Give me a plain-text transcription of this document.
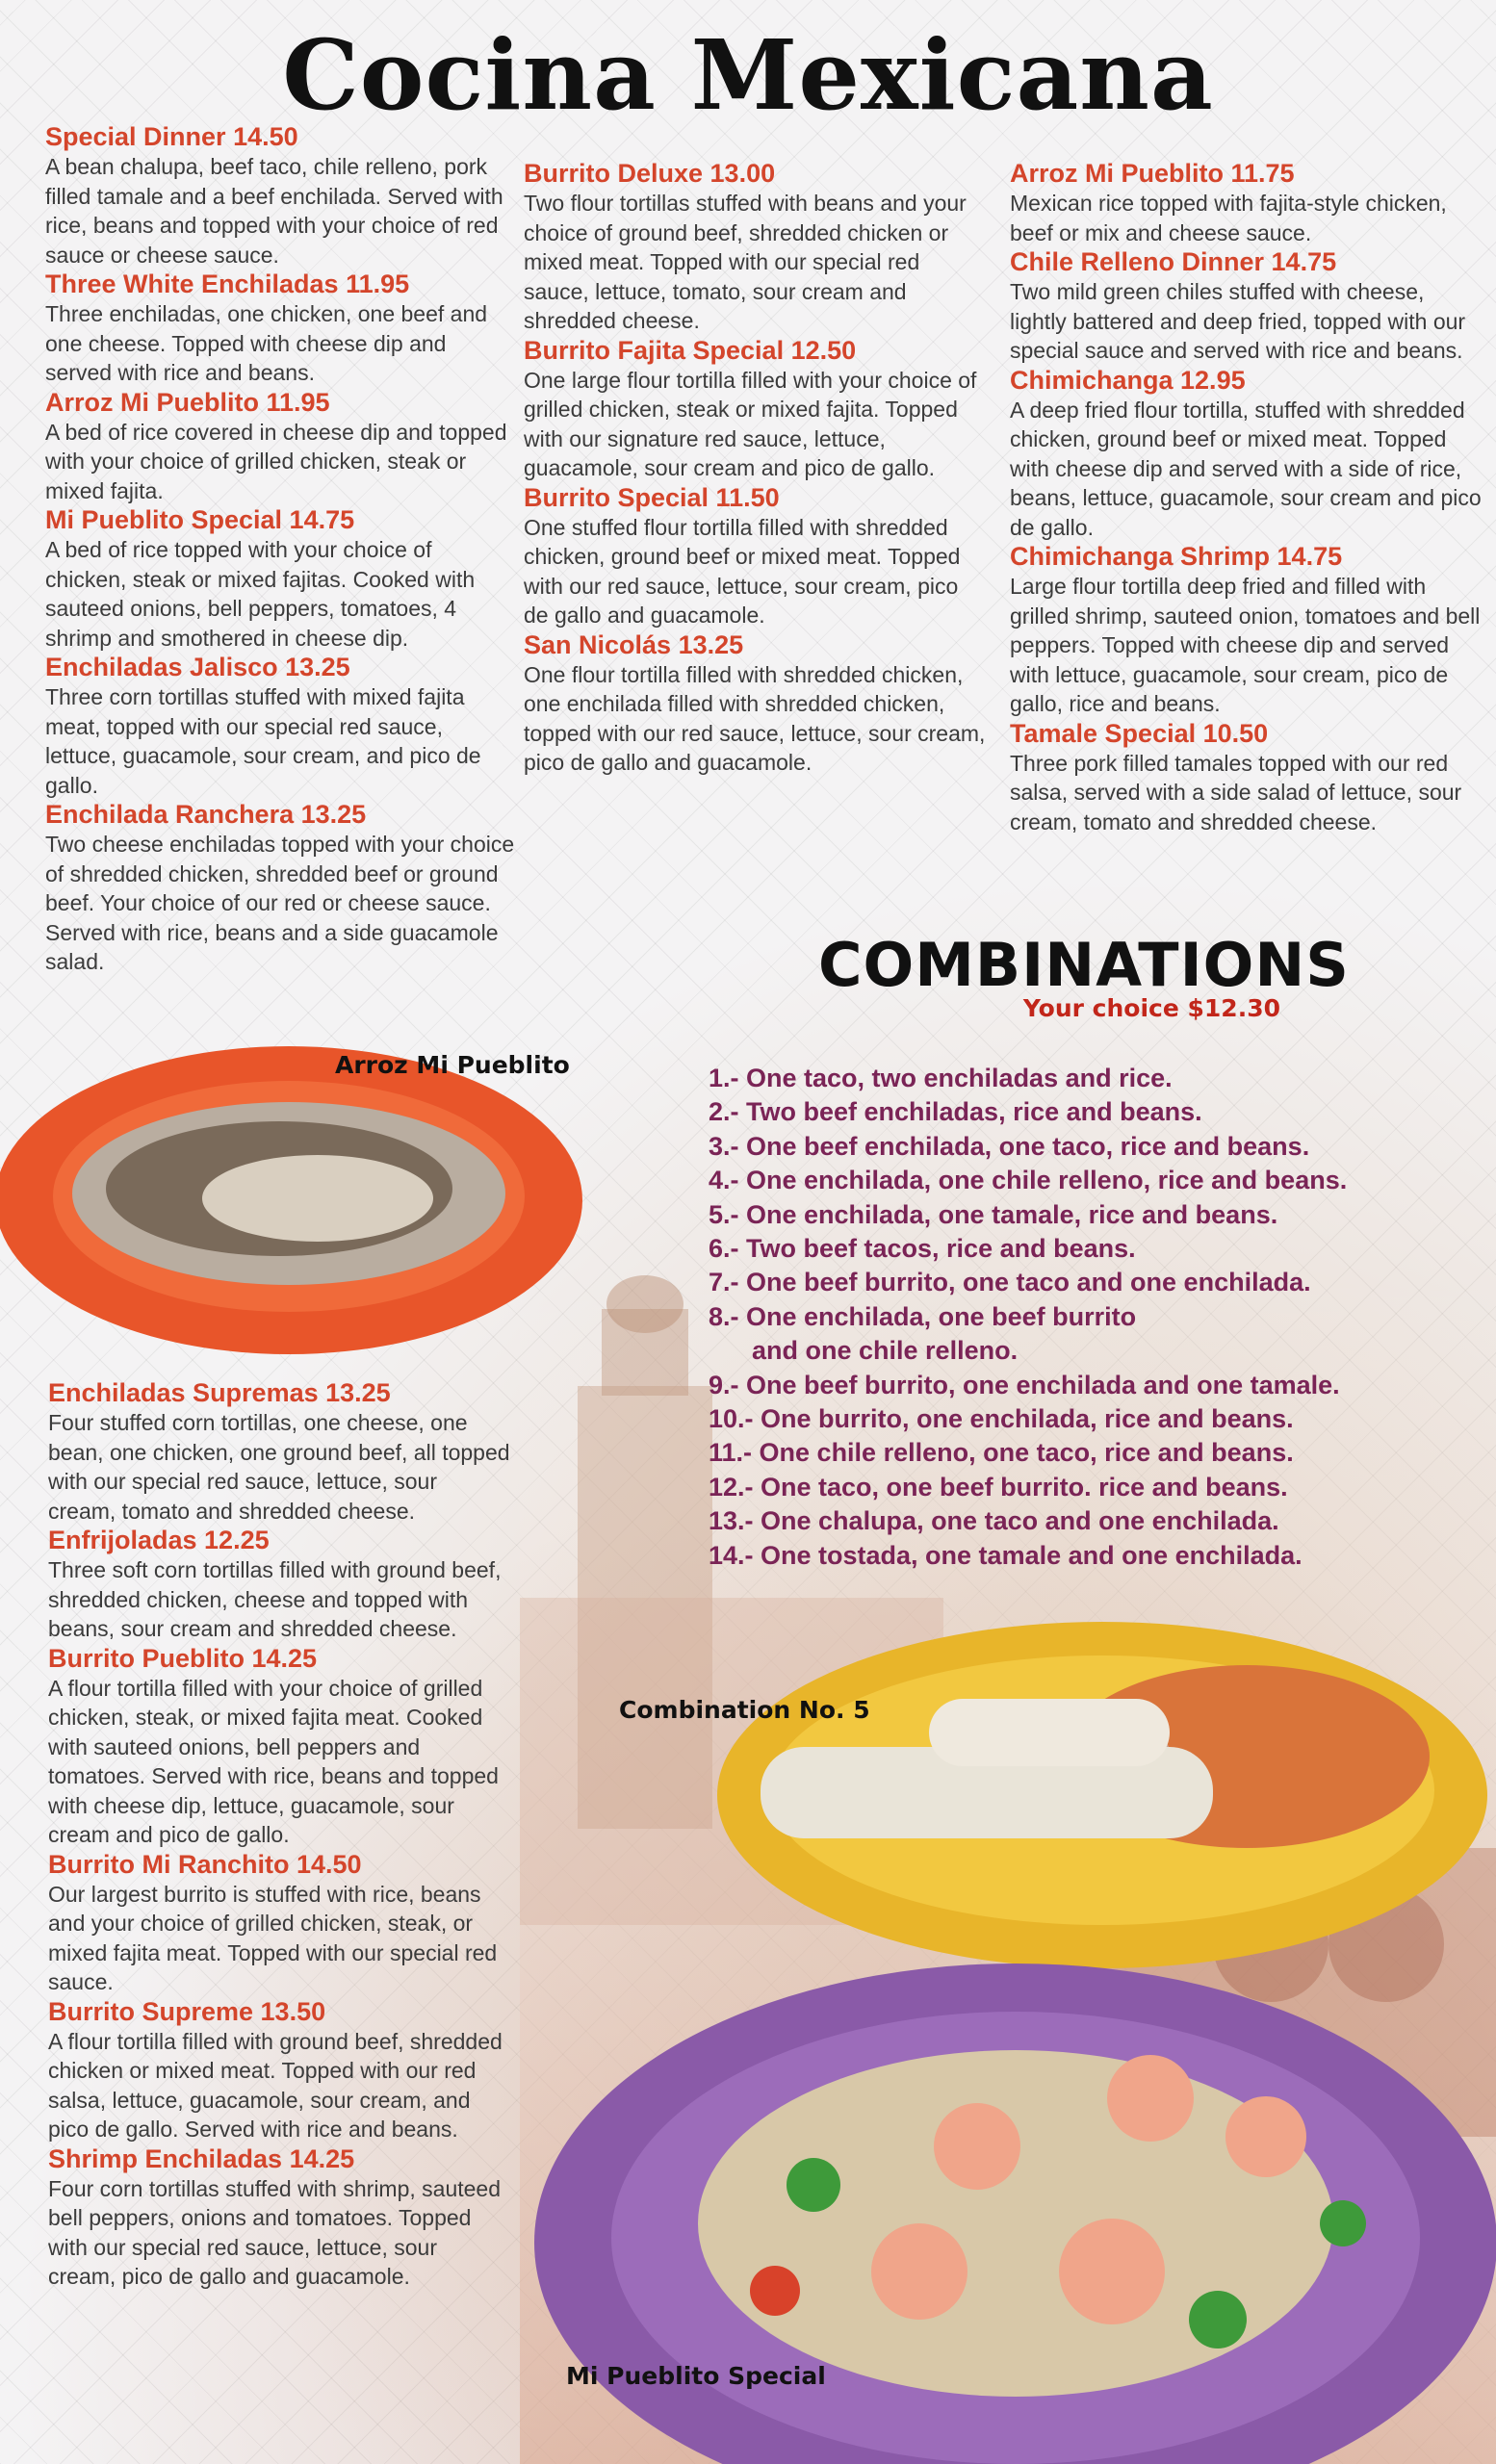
Cocina Mexicana
Arroz Mi Pueblito
Combination No. 5
Mi Pueblito Special
Special Dinner 14.50

A bean chalupa, beef taco, chile relleno, pork filled tamale and a beef enchilada. Served with rice, beans and topped with your choice of red sauce or cheese sauce.

Three White Enchiladas 11.95

Three enchiladas, one chicken, one beef and one cheese. Topped with cheese dip and served with rice and beans.

Arroz Mi Pueblito 11.95

A bed of rice covered in cheese dip and topped with your choice of grilled chicken, steak or mixed fajita.

Mi Pueblito Special 14.75

A bed of rice topped with your choice of chicken, steak or mixed fajitas. Cooked with sauteed onions, bell peppers, tomatoes, 4 shrimp and smothered in cheese dip.

Enchiladas Jalisco 13.25

Three corn tortillas stuffed with mixed fajita meat, topped with our special red sauce, lettuce, guacamole, sour cream, and pico de gallo.

Enchilada Ranchera 13.25

Two cheese enchiladas topped with your choice of shredded chicken, shredded beef or ground beef. Your choice of our red or cheese sauce. Served with rice, beans and a side guacamole salad.

Burrito Deluxe 13.00

Two flour tortillas stuffed with beans and your choice of ground beef, shredded chicken or mixed meat. Topped with our special red sauce, lettuce, tomato, sour cream and shredded cheese.

Burrito Fajita Special 12.50

One large flour tortilla filled with your choice of grilled chicken, steak or mixed fajita. Topped with our signature red sauce, lettuce, guacamole, sour cream and pico de gallo.

Burrito Special 11.50

One stuffed flour tortilla filled with shredded chicken, ground beef or mixed meat. Topped with our red sauce, lettuce, sour cream, pico de gallo and guacamole.

San Nicolás 13.25

One flour tortilla filled with shredded chicken, one enchilada filled with shredded chicken, topped with our red sauce, lettuce, sour cream, pico de gallo and guacamole.

Arroz Mi Pueblito 11.75

Mexican rice topped with fajita-style chicken, beef or mix and cheese sauce.

Chile Relleno Dinner 14.75

Two mild green chiles stuffed with cheese, lightly battered and deep fried, topped with our special sauce and served with rice and beans.

Chimichanga 12.95

A deep fried flour tortilla, stuffed with shredded chicken, ground beef or mixed meat. Topped with cheese dip and served with a side of rice, beans, lettuce, guacamole, sour cream and pico de gallo.

Chimichanga Shrimp 14.75

Large flour tortilla deep fried and filled with grilled shrimp, sauteed onion, tomatoes and bell peppers. Topped with cheese dip and served with lettuce, guacamole, sour cream, pico de gallo, rice and beans.

Tamale Special 10.50

Three pork filled tamales topped with our red salsa, served with a side salad of lettuce, sour cream, tomato and shredded cheese.

COMBINATIONS
Your choice $12.30
1.- One taco, two enchiladas and rice.
2.- Two beef enchiladas, rice and beans.
3.- One beef enchilada, one taco, rice and beans.
4.- One enchilada, one chile relleno, rice and beans.
5.- One enchilada, one tamale, rice and beans.
6.- Two beef tacos, rice and beans.
7.- One beef burrito, one taco and one enchilada.
8.- One enchilada, one beef burrito
and one chile relleno.
9.- One beef burrito, one enchilada and one tamale.
10.- One burrito, one enchilada, rice and beans.
11.- One chile relleno, one taco, rice and beans.
12.- One taco, one beef burrito. rice and beans.
13.- One chalupa, one taco and one enchilada.
14.- One tostada, one tamale and one enchilada.
Enchiladas Supremas 13.25

Four stuffed corn tortillas, one cheese, one bean, one chicken, one ground beef, all topped with our special red sauce, lettuce, sour cream, tomato and shredded cheese.

Enfrijoladas 12.25

Three soft corn tortillas filled with ground beef, shredded chicken, cheese and topped with beans, sour cream and shredded cheese.

Burrito Pueblito 14.25

A flour tortilla filled with your choice of grilled chicken, steak, or mixed fajita meat. Cooked with sauteed onions, bell peppers and tomatoes. Served with rice, beans and topped with cheese dip, lettuce, guacamole, sour cream and pico de gallo.

Burrito Mi Ranchito 14.50

Our largest burrito is stuffed with rice, beans and your choice of grilled chicken, steak, or mixed fajita meat. Topped with our special red sauce.

Burrito Supreme 13.50

A flour tortilla filled with ground beef, shredded chicken or mixed meat. Topped with our red salsa, lettuce, guacamole, sour cream, and pico de gallo. Served with rice and beans.

Shrimp Enchiladas 14.25

Four corn tortillas stuffed with shrimp, sauteed bell peppers, onions and tomatoes. Topped with our special red sauce, lettuce, sour cream, pico de gallo and guacamole.
